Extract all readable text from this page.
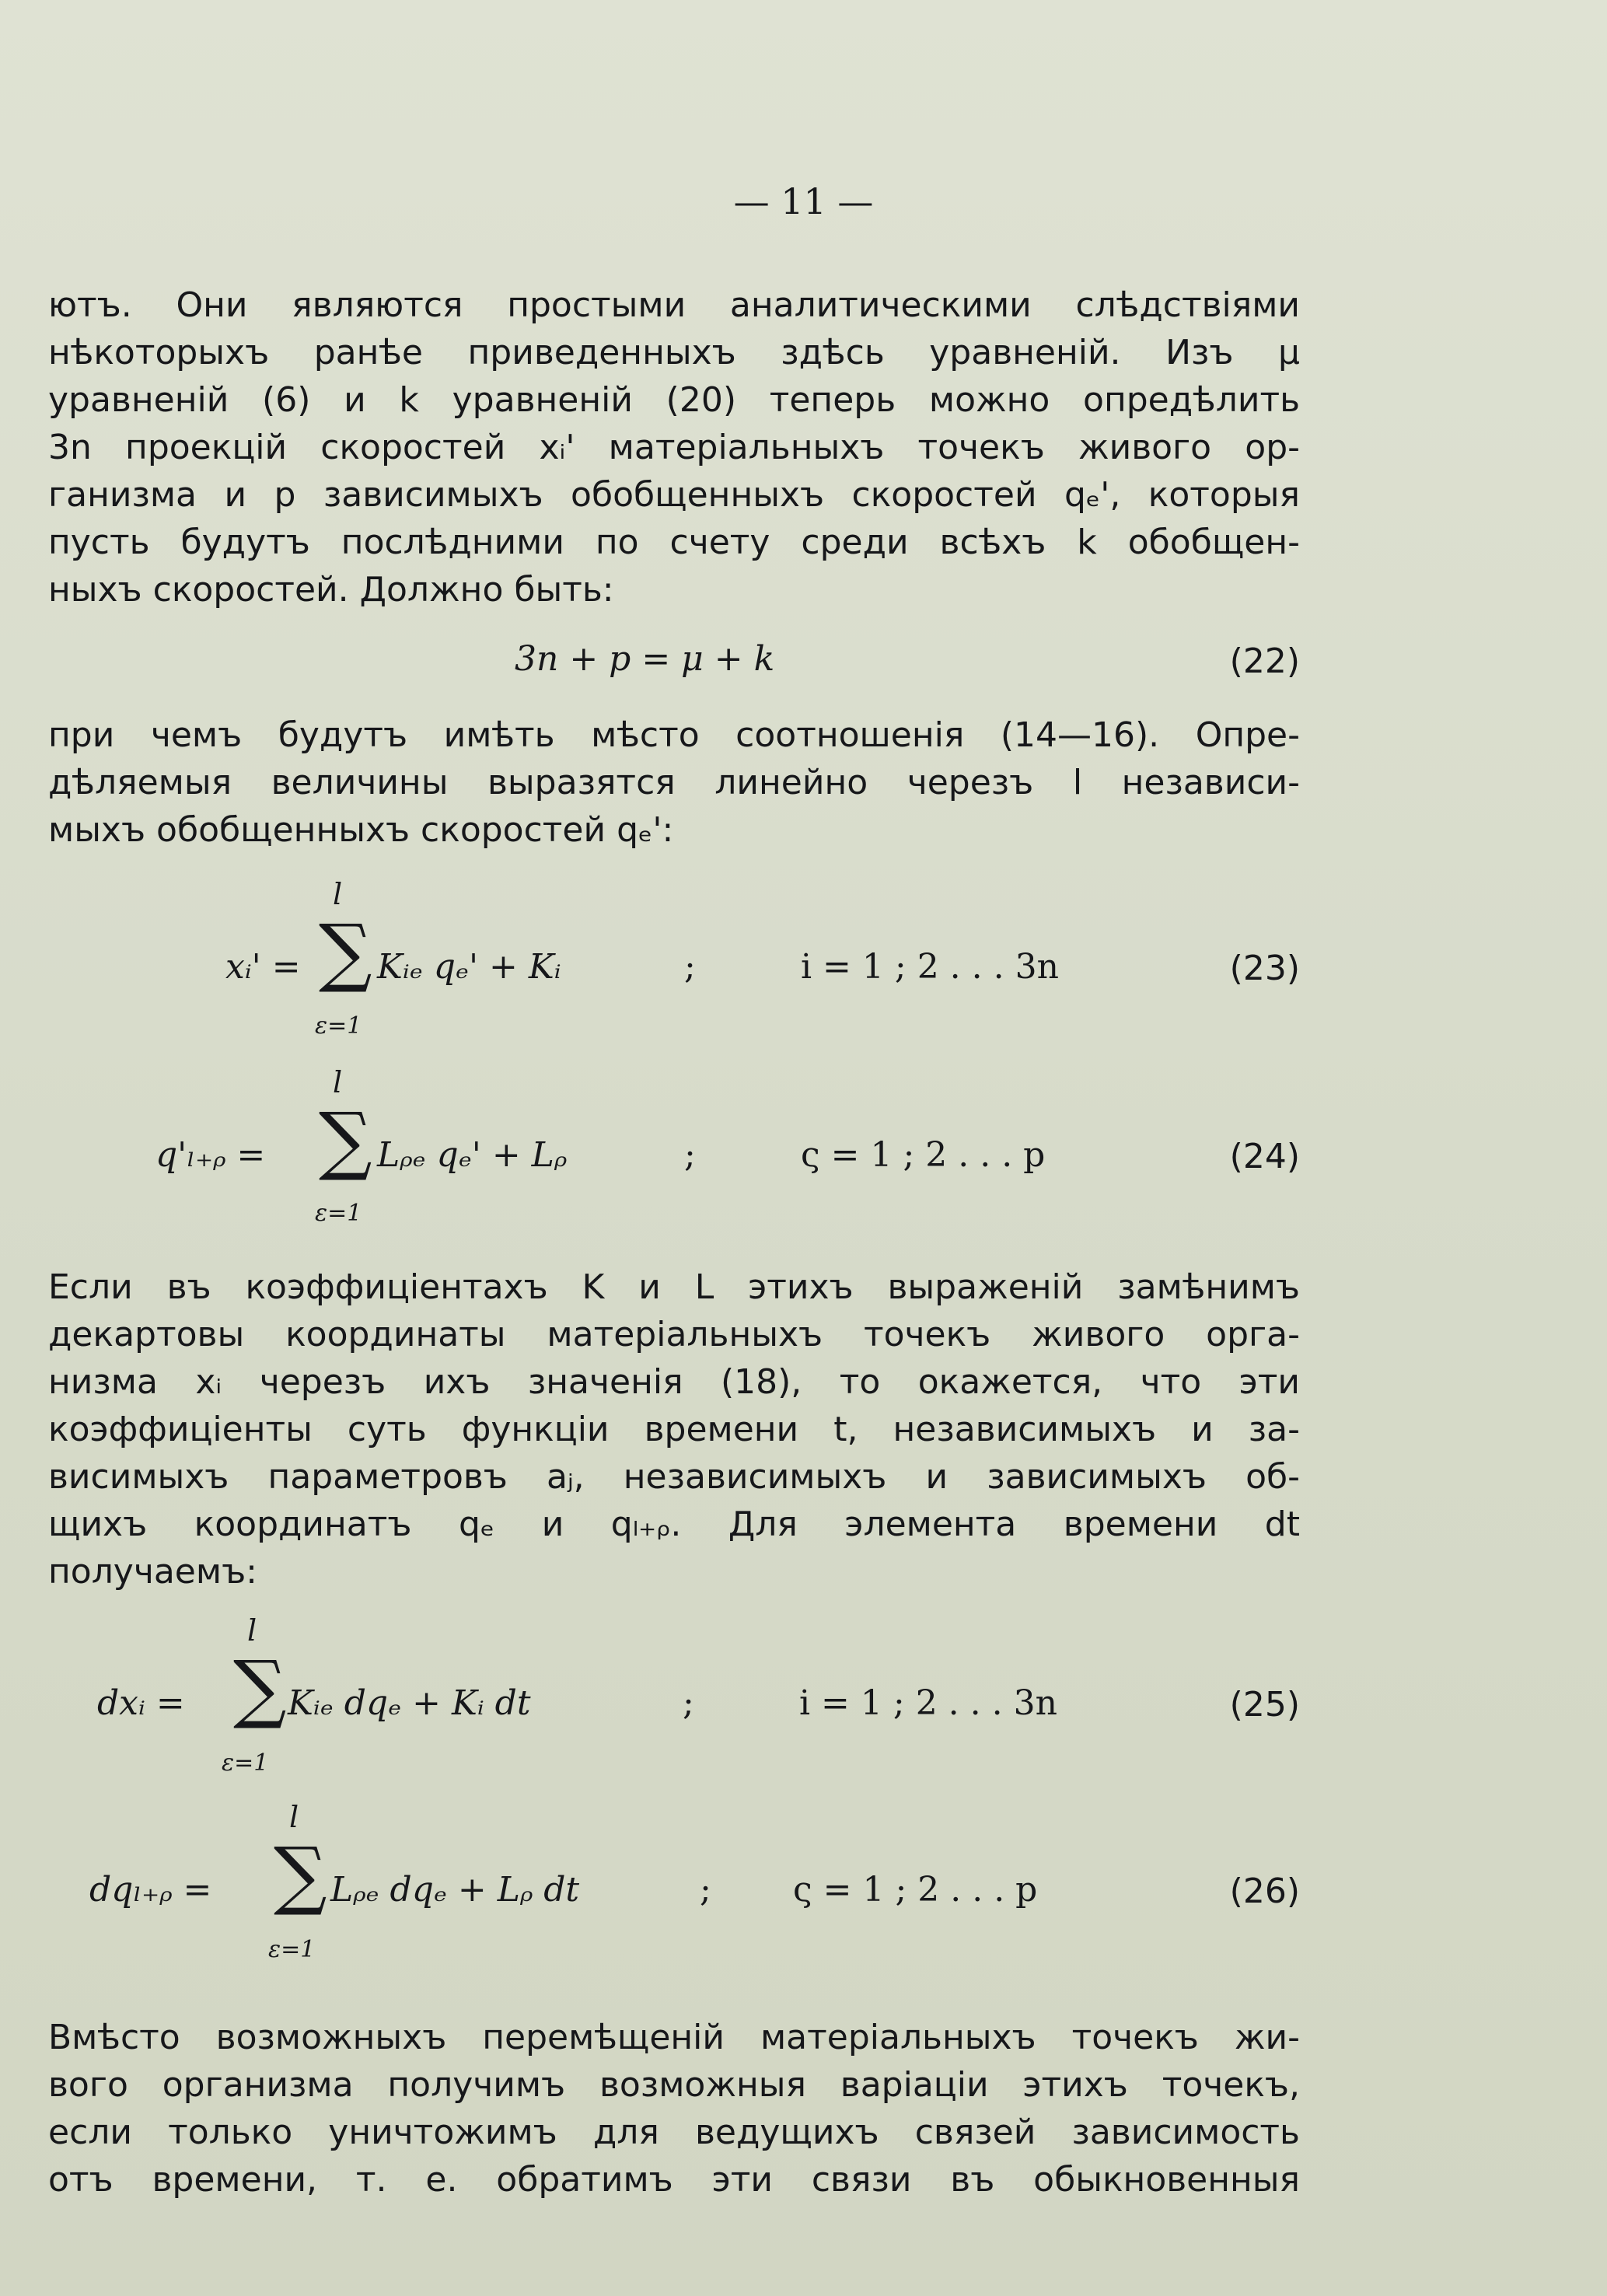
— 11 —
ютъ. Они являются простыми аналитическими слѣдствіями
нѣкоторыхъ ранѣе приведенныхъ здѣсь уравненій. Изъ μ
уравненій (6) и k уравненій (20) теперь можно опредѣлить
3n проекцій скоростей xᵢ' матеріальныхъ точекъ живого ор-
ганизма и p зависимыхъ обобщенныхъ скоростей qₑ', которыя
пусть будутъ послѣдними по счету среди всѣхъ k обобщен-
ныхъ скоростей. Должно быть:
3n + p = μ + k	(22)
при чемъ будутъ имѣть мѣсто соотношенія (14—16). Опре-
дѣляемыя величины выразятся линейно черезъ l независи-
мыхъ обобщенныхъ скоростей qₑ':
xᵢ' =
l
∑
ε=1
Kᵢₑ qₑ' + Kᵢ	;	i = 1 ; 2 . . . 3n	(23)
q'ₗ₊ᵨ =
l
∑
ε=1
Lᵨₑ qₑ' + Lᵨ	;	ς = 1 ; 2 . . . p	(24)
Если въ коэффиціентахъ K и L этихъ выраженій замѣнимъ
декартовы координаты матеріальныхъ точекъ живого орга-
низма xᵢ черезъ ихъ значенія (18), то окажется, что эти
коэффиціенты суть функціи времени t, независимыхъ и за-
висимыхъ параметровъ aⱼ, независимыхъ и зависимыхъ об-
щихъ координатъ qₑ и qₗ₊ᵨ. Для элемента времени dt
получаемъ:
dxᵢ =
l
∑
ε=1
Kᵢₑ dqₑ + Kᵢ dt	;	i = 1 ; 2 . . . 3n	(25)
dqₗ₊ᵨ =
l
∑
ε=1
Lᵨₑ dqₑ + Lᵨ dt	; ς = 1 ; 2 . . . p	(26)
Вмѣсто возможныхъ перемѣщеній матеріальныхъ точекъ жи-
вого организма получимъ возможныя варіаціи этихъ точекъ,
если только уничтожимъ для ведущихъ связей зависимость
отъ времени, т. е. обратимъ эти связи въ обыкновенныя
